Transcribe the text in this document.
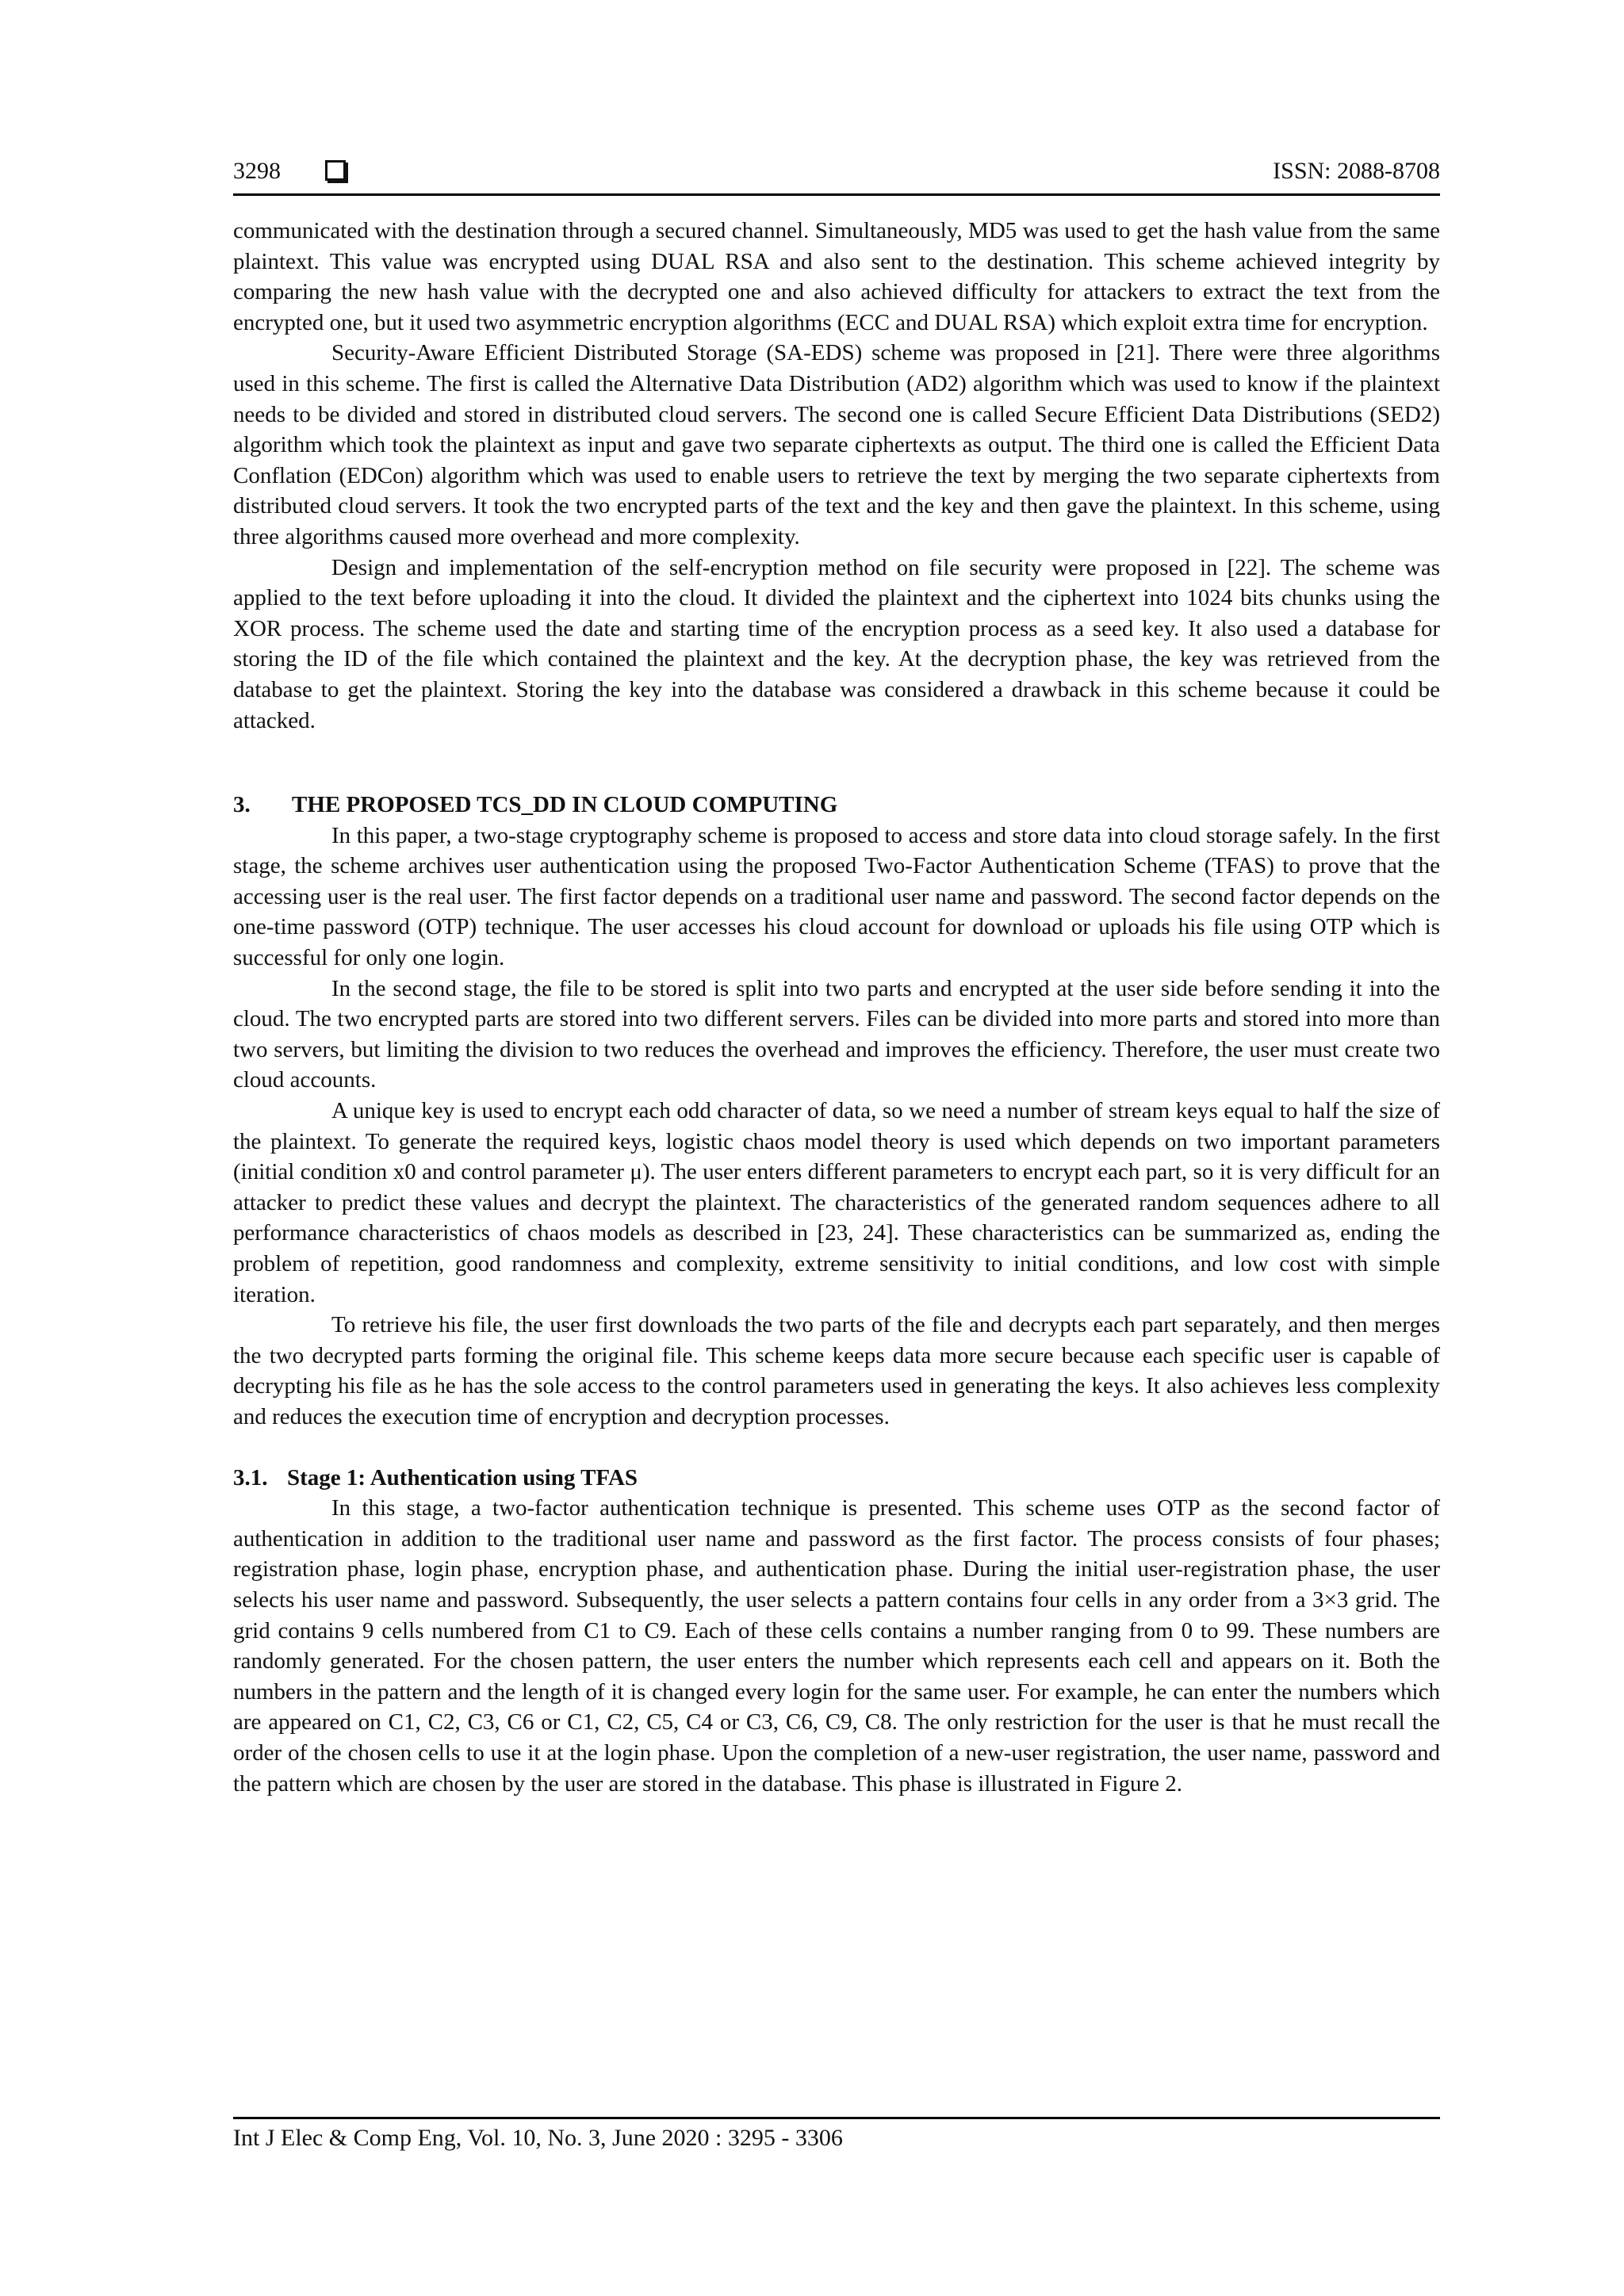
3298	ISSN: 2088-8708

communicated with the destination through a secured channel. Simultaneously, MD5 was used to get the hash value from the same plaintext. This value was encrypted using DUAL RSA and also sent to the destination. This scheme achieved integrity by comparing the new hash value with the decrypted one and also achieved difficulty for attackers to extract the text from the encrypted one, but it used two asymmetric encryption algorithms (ECC and DUAL RSA) which exploit extra time for encryption.

Security-Aware Efficient Distributed Storage (SA-EDS) scheme was proposed in [21]. There were three algorithms used in this scheme. The first is called the Alternative Data Distribution (AD2) algorithm which was used to know if the plaintext needs to be divided and stored in distributed cloud servers. The second one is called Secure Efficient Data Distributions (SED2) algorithm which took the plaintext as input and gave two separate ciphertexts as output. The third one is called the Efficient Data Conflation (EDCon) algorithm which was used to enable users to retrieve the text by merging the two separate ciphertexts from distributed cloud servers. It took the two encrypted parts of the text and the key and then gave the plaintext. In this scheme, using three algorithms caused more overhead and more complexity.

Design and implementation of the self-encryption method on file security were proposed in [22]. The scheme was applied to the text before uploading it into the cloud. It divided the plaintext and the ciphertext into 1024 bits chunks using the XOR process. The scheme used the date and starting time of the encryption process as a seed key. It also used a database for storing the ID of the file which contained the plaintext and the key. At the decryption phase, the key was retrieved from the database to get the plaintext. Storing the key into the database was considered a drawback in this scheme because it could be attacked.

3. THE PROPOSED TCS_DD IN CLOUD COMPUTING

In this paper, a two-stage cryptography scheme is proposed to access and store data into cloud storage safely. In the first stage, the scheme archives user authentication using the proposed Two-Factor Authentication Scheme (TFAS) to prove that the accessing user is the real user. The first factor depends on a traditional user name and password. The second factor depends on the one-time password (OTP) technique. The user accesses his cloud account for download or uploads his file using OTP which is successful for only one login.

In the second stage, the file to be stored is split into two parts and encrypted at the user side before sending it into the cloud. The two encrypted parts are stored into two different servers. Files can be divided into more parts and stored into more than two servers, but limiting the division to two reduces the overhead and improves the efficiency. Therefore, the user must create two cloud accounts.

A unique key is used to encrypt each odd character of data, so we need a number of stream keys equal to half the size of the plaintext. To generate the required keys, logistic chaos model theory is used which depends on two important parameters (initial condition x0 and control parameter μ). The user enters different parameters to encrypt each part, so it is very difficult for an attacker to predict these values and decrypt the plaintext. The characteristics of the generated random sequences adhere to all performance characteristics of chaos models as described in [23, 24]. These characteristics can be summarized as, ending the problem of repetition, good randomness and complexity, extreme sensitivity to initial conditions, and low cost with simple iteration.

To retrieve his file, the user first downloads the two parts of the file and decrypts each part separately, and then merges the two decrypted parts forming the original file. This scheme keeps data more secure because each specific user is capable of decrypting his file as he has the sole access to the control parameters used in generating the keys. It also achieves less complexity and reduces the execution time of encryption and decryption processes.

3.1. Stage 1: Authentication using TFAS

In this stage, a two-factor authentication technique is presented. This scheme uses OTP as the second factor of authentication in addition to the traditional user name and password as the first factor. The process consists of four phases; registration phase, login phase, encryption phase, and authentication phase. During the initial user-registration phase, the user selects his user name and password. Subsequently, the user selects a pattern contains four cells in any order from a 3×3 grid. The grid contains 9 cells numbered from C1 to C9. Each of these cells contains a number ranging from 0 to 99. These numbers are randomly generated. For the chosen pattern, the user enters the number which represents each cell and appears on it. Both the numbers in the pattern and the length of it is changed every login for the same user. For example, he can enter the numbers which are appeared on C1, C2, C3, C6 or C1, C2, C5, C4 or C3, C6, C9, C8. The only restriction for the user is that he must recall the order of the chosen cells to use it at the login phase. Upon the completion of a new-user registration, the user name, password and the pattern which are chosen by the user are stored in the database. This phase is illustrated in Figure 2.

Int J Elec & Comp Eng, Vol. 10, No. 3, June 2020 : 3295 - 3306
